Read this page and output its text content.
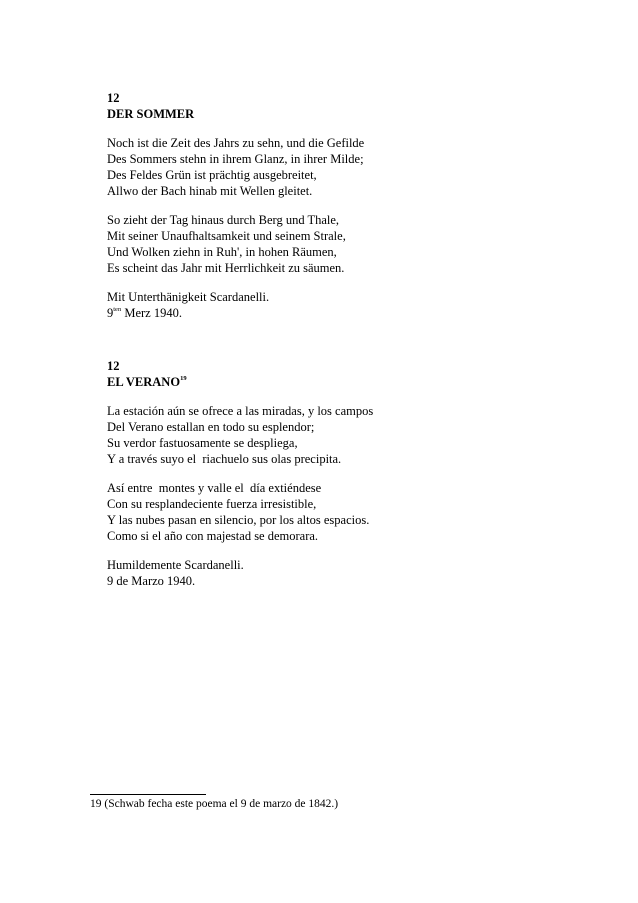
12
DER SOMMER
Noch ist die Zeit des Jahrs zu sehn, und die Gefilde
Des Sommers stehn in ihrem Glanz, in ihrer Milde;
Des Feldes Grün ist prächtig ausgebreitet,
Allwo der Bach hinab mit Wellen gleitet.
So zieht der Tag hinaus durch Berg und Thale,
Mit seiner Unaufhaltsamkeit und seinem Strale,
Und Wolken ziehn in Ruh', in hohen Räumen,
Es scheint das Jahr mit Herrlichkeit zu säumen.
Mit Unterthänigkeit Scardanelli.
$9^{ten}$ Merz 1940.
12
EL VERANO$^{19}$
La estación aún se ofrece a las miradas, y los campos
Del Verano estallan en todo su esplendor;
Su verdor fastuosamente se despliega,
Y a través suyo el  riachuelo sus olas precipita.
Así entre  montes y valle el  día extiéndese
Con su resplandeciente fuerza irresistible,
Y las nubes pasan en silencio, por los altos espacios.
Como si el año con majestad se demorara.
Humildemente Scardanelli.
9 de Marzo 1940.
19 (Schwab fecha este poema el 9 de marzo de 1842.)
